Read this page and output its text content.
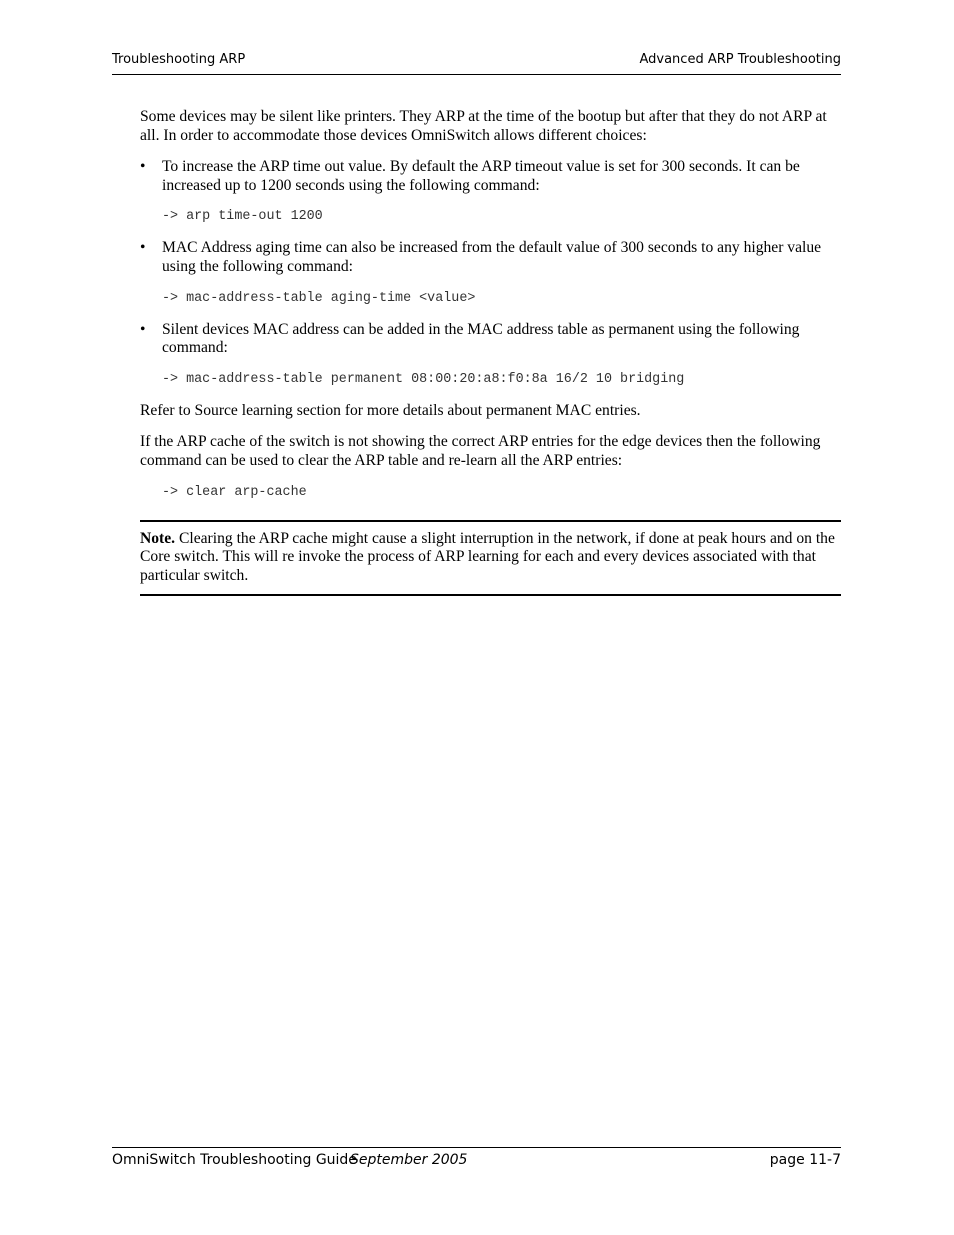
Troubleshooting ARP	Advanced ARP Troubleshooting

Some devices may be silent like printers. They ARP at the time of the bootup but after that they do not ARP at all. In order to accommodate those devices OmniSwitch allows different choices:

• To increase the ARP time out value. By default the ARP timeout value is set for 300 seconds. It can be increased up to 1200 seconds using the following command:
-> arp time-out 1200
• MAC Address aging time can also be increased from the default value of 300 seconds to any higher value using the following command:
-> mac-address-table aging-time <value>
• Silent devices MAC address can be added in the MAC address table as permanent using the following command:
-> mac-address-table permanent 08:00:20:a8:f0:8a 16/2 10 bridging

Refer to Source learning section for more details about permanent MAC entries.

If the ARP cache of the switch is not showing the correct ARP entries for the edge devices then the following command can be used to clear the ARP table and re-learn all the ARP entries:

-> clear arp-cache
Note. Clearing the ARP cache might cause a slight interruption in the network, if done at peak hours and on the Core switch. This will re invoke the process of ARP learning for each and every devices associated with that particular switch.
OmniSwitch Troubleshooting Guide
September 2005	page 11-7
